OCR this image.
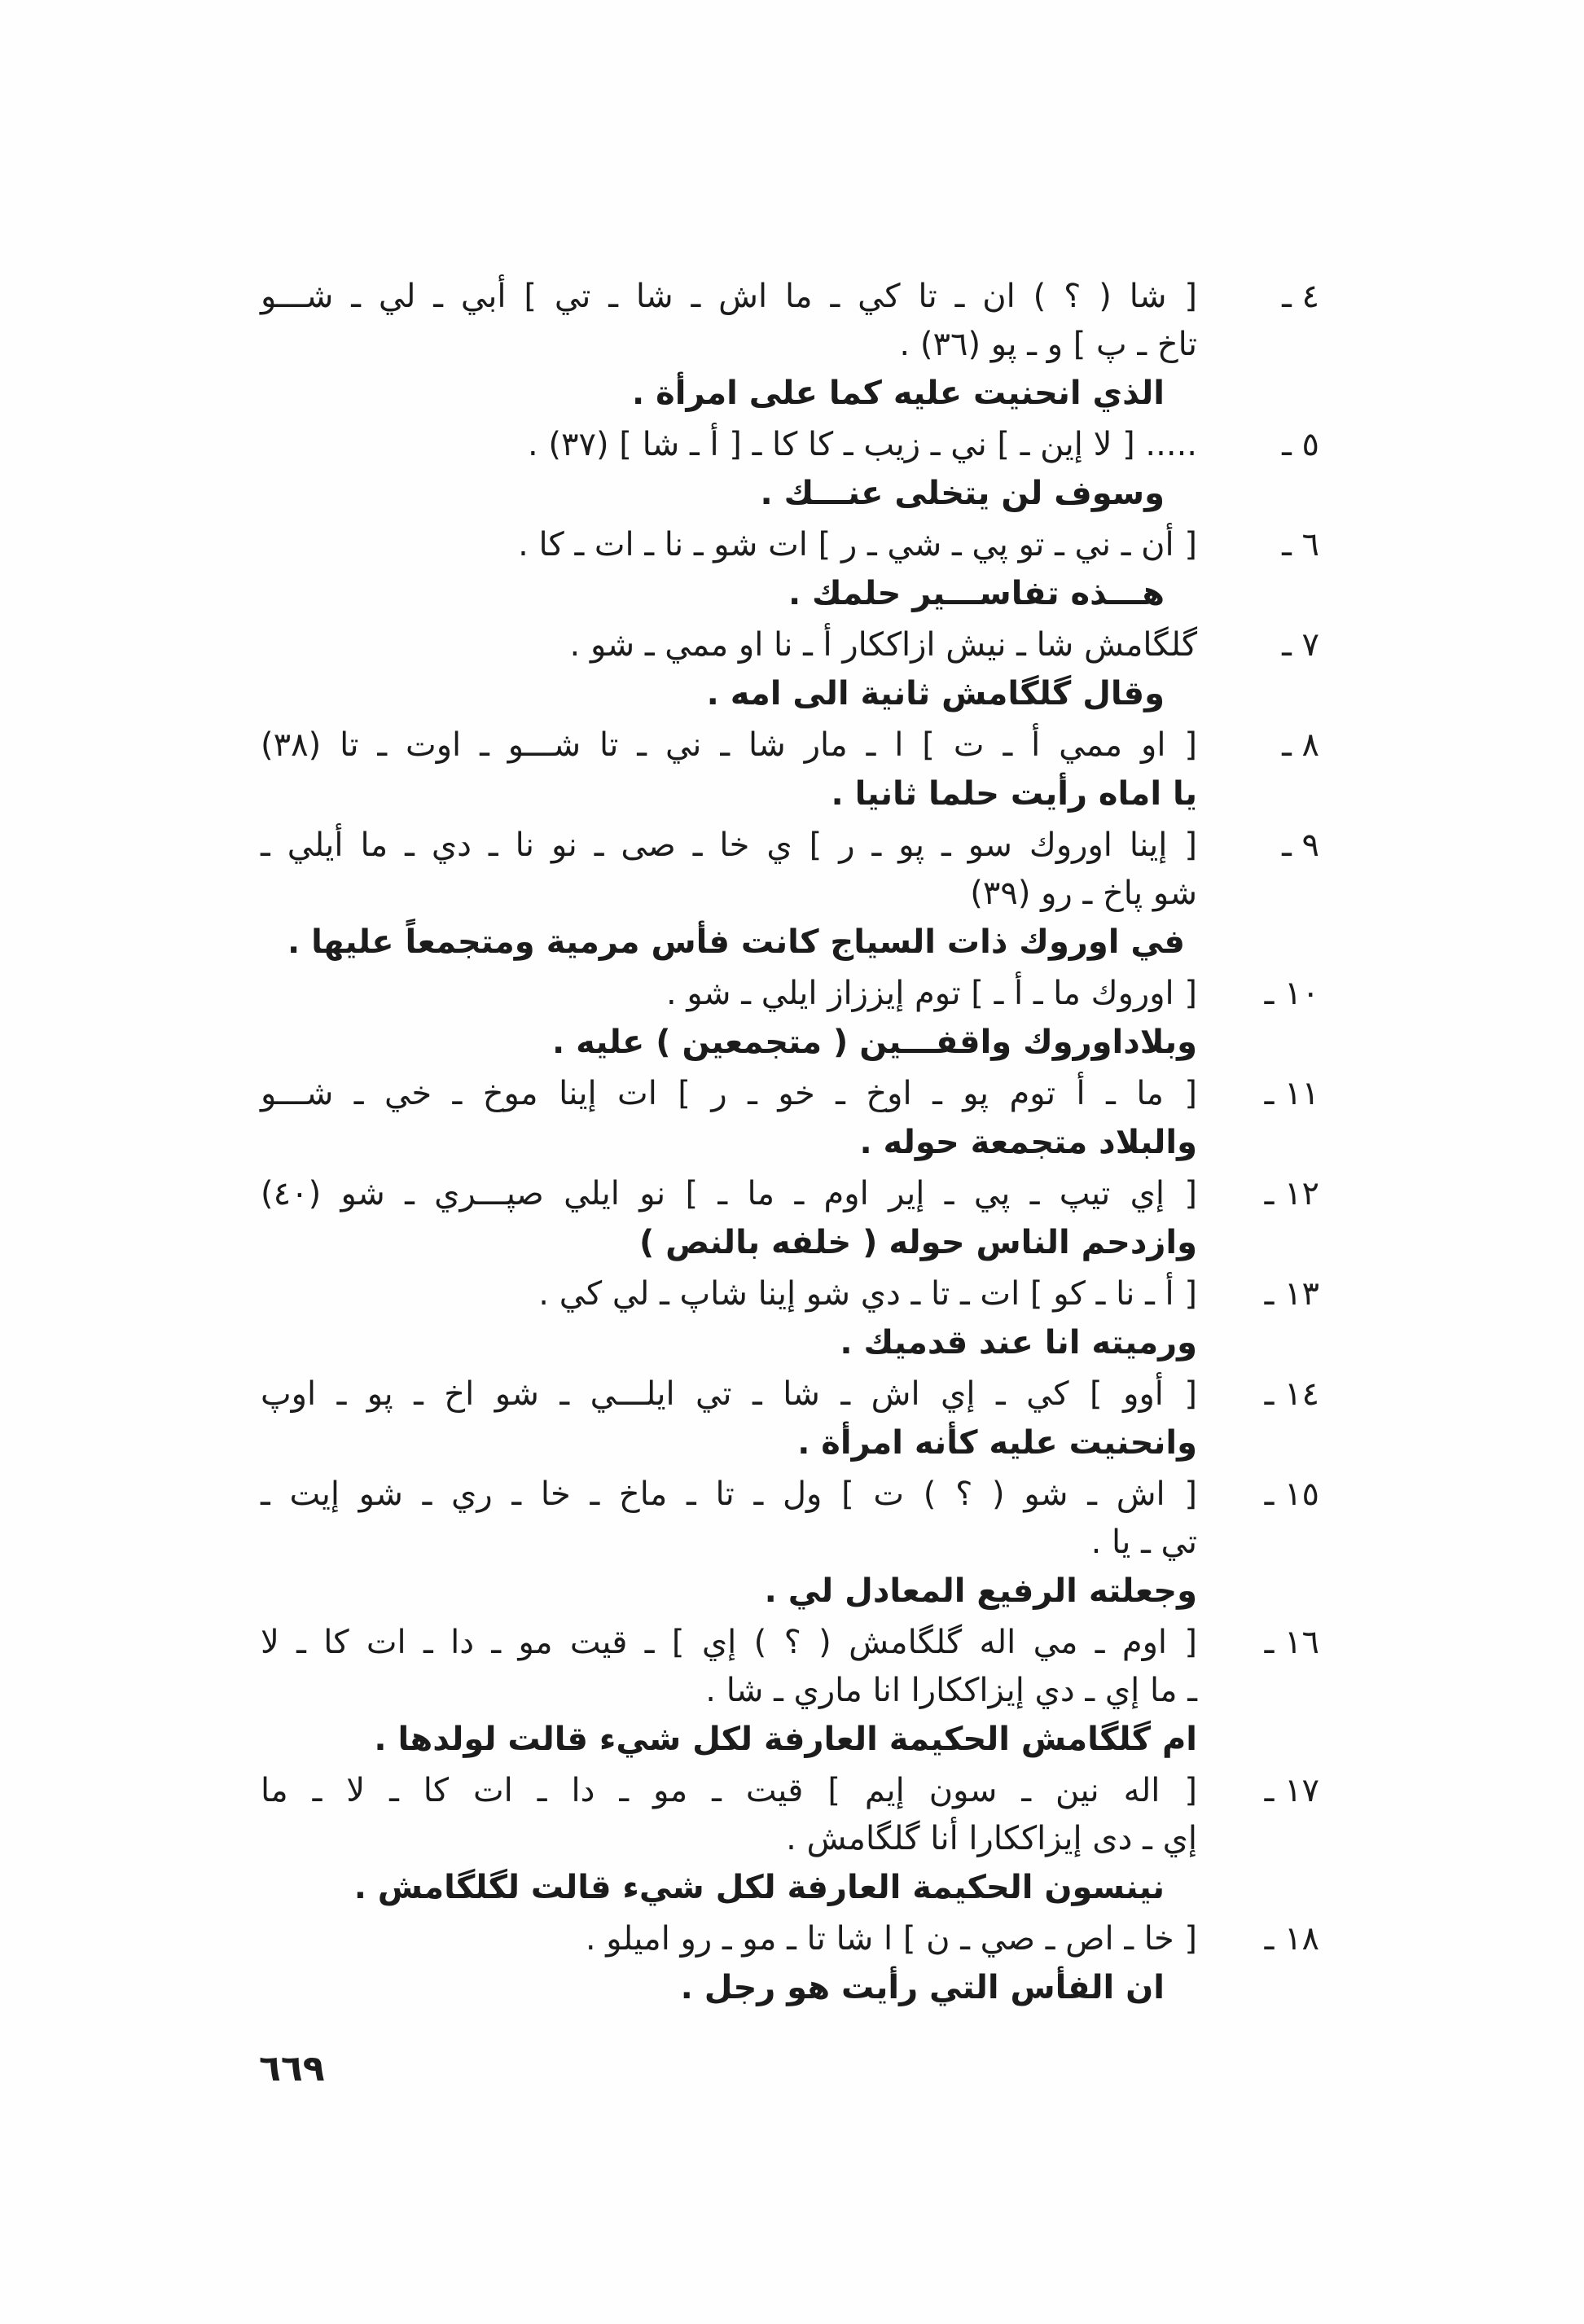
٤ ـ
[ شا ( ؟ ) ان ـ تا كي ـ ما اش ـ شا ـ تي ] أبي ـ لي ـ شـــو
تاخ ـ پ ] و ـ پو (٣٦) .
الذي انحنيت عليه كما على امرأة .
٥ ـ
..... [ لا إين ـ ] ني ـ زيب ـ كا كا ـ [ أ ـ شا ] (٣٧) .
وسوف لن يتخلى عنـــك .
٦ ـ
[ أن ـ ني ـ تو پي ـ شي ـ ر ] ات شو ـ نا ـ ات ـ كا .
هـــذه تفاســـير حلمك .
٧ ـ
گلگامش شا ـ نيش ازاككار أ ـ نا او ممي ـ شو .
وقال گلگامش ثانية الى امه .
٨ ـ
[ او ممي أ ـ ت ] ا ـ مار شا ـ ني ـ تا شـــو ـ اوت ـ تا (٣٨)
يا اماه رأيت حلما ثانيا .
٩ ـ
[ إينا اوروك سو ـ پو ـ ر ] ي خا ـ صى ـ نو نا ـ دي ـ ما أيلي ـ
شو پاخ ـ رو (٣٩)
في اوروك ذات السياج كانت فأس مرمية ومتجمعاً عليها .
١٠ ـ
[ اوروك ما ـ أ ـ ] توم إيززاز ايلي ـ شو .
وبلاداوروك واقفـــين ( متجمعين ) عليه .
١١ ـ
[ ما ـ أ توم پو ـ اوخ ـ خو ـ ر ] ات إينا موخ ـ خي ـ شـــو
والبلاد متجمعة حوله .
١٢ ـ
[ إي تيپ ـ پي ـ إير اوم ـ ما ـ ] نو ايلي صپـــري ـ شو (٤٠)
وازدحم الناس حوله ( خلفه بالنص )
١٣ ـ
[ أ ـ نا ـ كو ] ات ـ تا ـ دي شو إينا شاپ ـ لي كي .
ورميته انا عند قدميك .
١٤ ـ
[ أوو ] كي ـ إي اش ـ شا ـ تي ايلـــي ـ شو اخ ـ پو ـ اوپ
وانحنيت عليه كأنه امرأة .
١٥ ـ
[ اش ـ شو ( ؟ ) ت ] ول ـ تا ـ ماخ ـ خا ـ ري ـ شو إيت ـ
تي ـ يا .
وجعلته الرفيع المعادل لي .
١٦ ـ
[ اوم ـ مي اله گلگامش ( ؟ ) إي ] ـ قيت مو ـ دا ـ ات كا ـ لا
ـ ما إي ـ دي إيزاككارا انا ماري ـ شا .
ام گلگامش الحكيمة العارفة لكل شيء قالت لولدها .
١٧ ـ
[ اله نين ـ سون إيم ] قيت ـ مو ـ دا ـ ات كا ـ لا ـ ما
إي ـ دى إيزاككارا أنا گلگامش .
نينسون الحكيمة العارفة لكل شيء قالت لگلگامش .
١٨ ـ
[ خا ـ اص ـ صي ـ ن ] ا شا تا ـ مو ـ رو اميلو .
ان الفأس التي رأيت هو رجل .
٦٦٩
